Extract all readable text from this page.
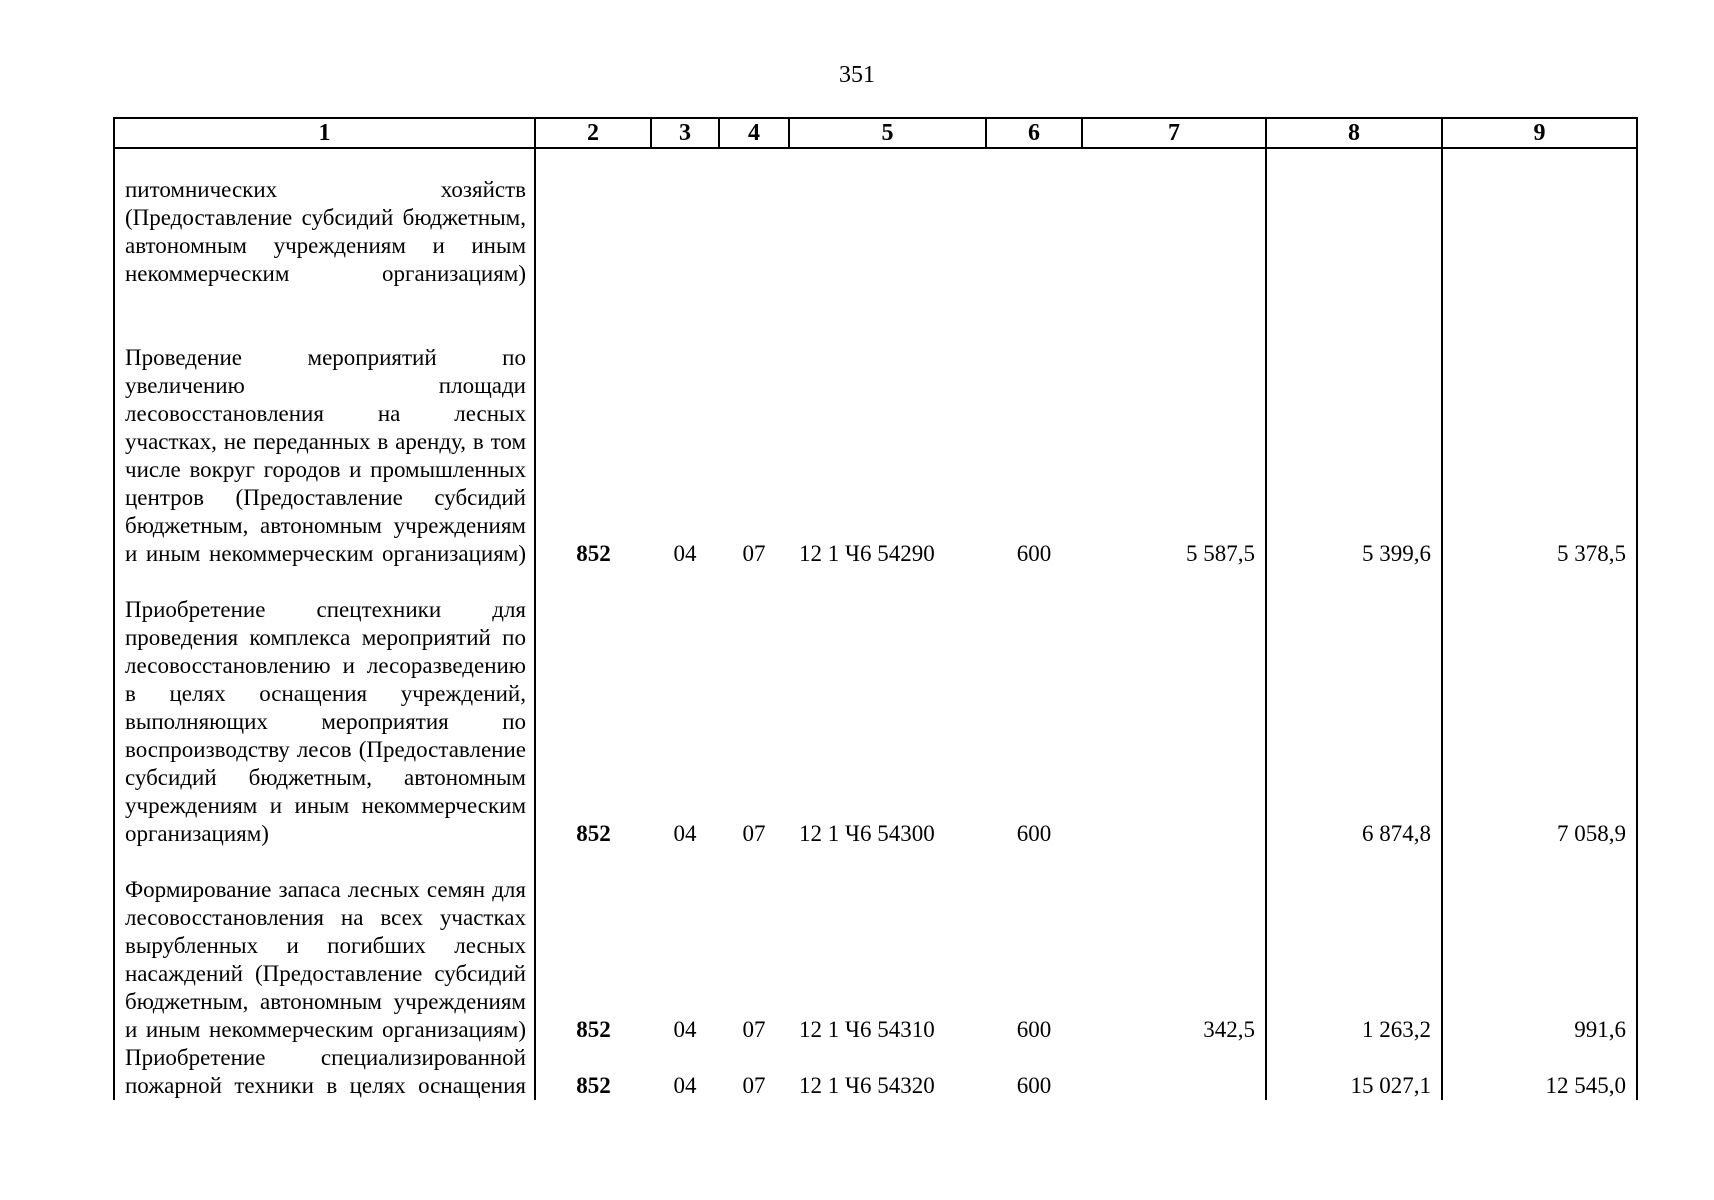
351
1	2	3	4	5	6	7	8	9
питомнических хозяйств (Предоставление субсидий бюджетным, автономным учреждениям и иным некоммерческим организациям)								
Проведение мероприятий по увеличению площади лесовосстановления на лесных участках, не переданных в аренду, в том числе вокруг городов и промышленных центров (Предоставление субсидий бюджетным, автономным учреждениям и иным некоммерческим организациям)	852	04	07	12 1 Ч6 54290	600	5 587,5	5 399,6	5 378,5
Приобретение спецтехники для проведения комплекса мероприятий по лесовосстановлению и лесоразведению в целях оснащения учреждений, выполняющих мероприятия по воспроизводству лесов (Предоставление субсидий бюджетным, автономным учреждениям и иным некоммерческим организациям)	852	04	07	12 1 Ч6 54300	600		6 874,8	7 058,9
Формирование запаса лесных семян для лесовосстановления на всех участках вырубленных и погибших лесных насаждений (Предоставление субсидий бюджетным, автономным учреждениям и иным некоммерческим организациям)	852	04	07	12 1 Ч6 54310	600	342,5	1 263,2	991,6
Приобретение специализированной пожарной техники в целях оснащения	852	04	07	12 1 Ч6 54320	600		15 027,1	12 545,0
